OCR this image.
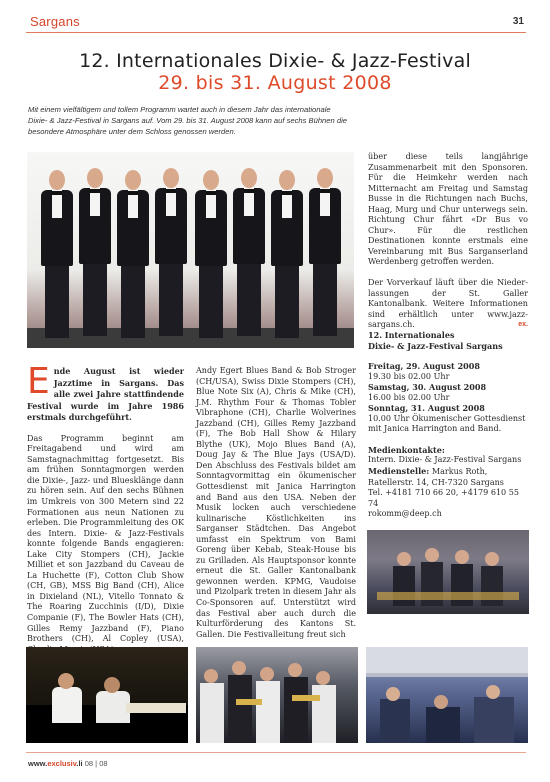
Sargans	31
12. Internationales Dixie- & Jazz-Festival
29. bis 31. August 2008
Mit einem vielfältigem und tollem Programm wartet auch in diesem Jahr das internationale Dixie- & Jazz-Festival in Sargans auf. Vom 29. bis 31. August 2008 kann auf sechs Bühnen die besondere Atmosphäre unter dem Schloss genossen werden.

Ende August ist wieder Jazztime in Sargans. Das alle zwei Jahre stattfindende Festival wurde im Jahre 1986 erstmals durchgeführt.

Das Programm beginnt am Freitagabend und wird am Samstagnachmittag fortgesetzt. Bis am frühen Sonntagmorgen werden die Dixie-, Jazz- und Bluesklänge dann zu hören sein. Auf den sechs Bühnen im Umkreis von 300 Metern sind 22 Formationen aus neun Nationen zu erleben. Die Programmleitung des OK des Intern. Dixie- & Jazz-Festivals konnte folgende Bands engagieren: Lake City Stompers (CH), Jackie Milliet et son Jazzband du Caveau de La Huchette (F), Cotton Club Show (CH, GB), MSS Big Band (CH), Alice in Dixieland (NL), Vitello Tonnato & The Roaring Zucchinis (I/D), Dixie Companie (F), The Bowler Hats (CH), Gilles Remy Jazzband (F), Piano Brothers (CH), Al Copley (USA),

Andy Egert Blues Band & Bob Stroger (CH/USA), Swiss Dixie Stompers (CH), Blue Note Six (A), Chris & Mike (CH), J.M. Rhythm Four & Thomas Tobler Vibraphone (CH), Charlie Wolverines Jazzband (CH), Gilles Remy Jazzband (F), The Bob Hall Show & Hilary Blythe (UK), Mojo Blues Band (A), Doug Jay & The Blue Jays (USA/D). Den Abschluss des Festivals bildet am Sonntagvormittag ein ökumenischer Gottesdienst mit Janica Harrington and Band aus den USA. Neben der Musik locken auch verschiedene kulinarische Köstlichkeiten ins Sarganser Städtchen. Das Angebot umfasst ein Spektrum von Bami Goreng über Kebab, Steak-House bis zu Grilladen. Als Hauptsponsor konnte erneut die St. Galler Kantonalbank gewonnen werden. KPMG, Vaudoise und Pizolpark treten in diesem Jahr als Co-Sponsoren auf. Unterstützt wird das Festival aber auch durch die Kulturförderung des Kantons St. Gallen. Die Festivalleitung freut sich

über diese teils langjährige Zusammenarbeit mit den Sponsoren. Für die Heimkehr werden nach Mitternacht am Freitag und Samstag Busse in die Richtungen nach Buchs, Haag, Murg und Chur unterwegs sein. Richtung Chur fährt «Dr Bus vo Chur». Für die restlichen Destinationen konnte erstmals eine Vereinbarung mit Bus Sarganserland Werdenberg getroffen werden.

Der Vorverkauf läuft über die Niederlassungen der St. Galler Kantonalbank. Weitere Informationen sind erhältlich unter www.jazz-sargans.ch.	ex.

12. Internationales
Dixie- & Jazz-Festival Sargans
Freitag, 29. August 2008
19.30 bis 02.00 Uhr
Samstag, 30. August 2008
16.00 bis 02.00 Uhr
Sonntag, 31. August 2008
10.00 Uhr Ökumenischer Gottesdienst mit Janica Harrington and Band.
Medienkontakte:
Intern. Dixie- & Jazz-Festival Sargans
Medienstelle: Markus Roth,
Ratellerstr. 14, CH-7320 Sargans
Tel. +4181 710 66 20, +4179 610 55 74
rokomm@deep.ch
www.exclusiv.li 08 | 08
